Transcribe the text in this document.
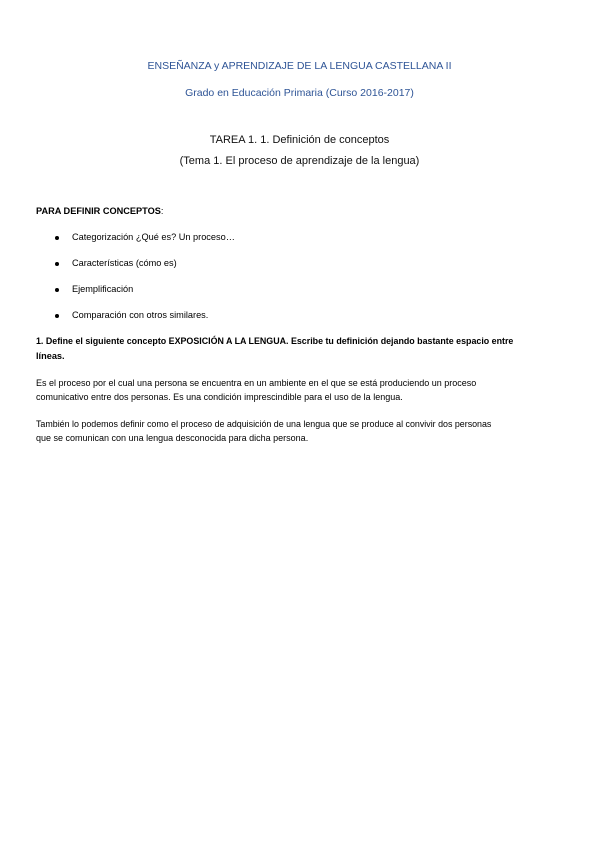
ENSEÑANZA y APRENDIZAJE DE LA LENGUA CASTELLANA II
Grado en Educación Primaria (Curso 2016-2017)
TAREA 1. 1. Definición de conceptos
(Tema 1. El proceso de aprendizaje de la lengua)
PARA DEFINIR CONCEPTOS:
Categorización ¿Qué es? Un proceso…
Características (cómo es)
Ejemplificación
Comparación con otros similares.
1. Define el siguiente concepto EXPOSICIÓN A LA LENGUA. Escribe tu definición dejando bastante espacio entre
líneas.
Es el proceso por el cual una persona se encuentra en un ambiente en el que se está produciendo un proceso
comunicativo entre dos personas. Es una condición imprescindible para el uso de la lengua.
También lo podemos definir como el proceso de adquisición de una lengua que se produce al convivir dos personas
que se comunican con una lengua desconocida para dicha persona.
